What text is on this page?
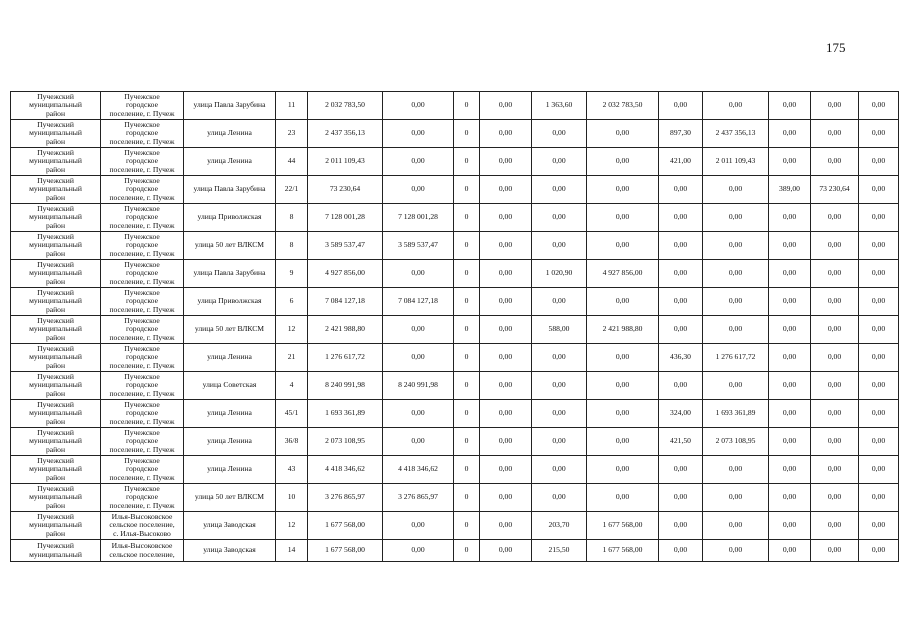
175
Пучежский
муниципальный
район	Пучежское
городское
поселение, г. Пучеж	улица Павла Зарубина	11	2 032 783,50	0,00	0	0,00	1 363,60	2 032 783,50	0,00	0,00	0,00	0,00	0,00

Пучежский
муниципальный
район	Пучежское
городское
поселение, г. Пучеж	улица Ленина	23	2 437 356,13	0,00	0	0,00	0,00	0,00	897,30	2 437 356,13	0,00	0,00	0,00

Пучежский
муниципальный
район	Пучежское
городское
поселение, г. Пучеж	улица Ленина	44	2 011 109,43	0,00	0	0,00	0,00	0,00	421,00	2 011 109,43	0,00	0,00	0,00

Пучежский
муниципальный
район	Пучежское
городское
поселение, г. Пучеж	улица Павла Зарубина	22/1	73 230,64	0,00	0	0,00	0,00	0,00	0,00	0,00	389,00	73 230,64	0,00

Пучежский
муниципальный
район	Пучежское
городское
поселение, г. Пучеж	улица Приволжская	8	7 128 001,28	7 128 001,28	0	0,00	0,00	0,00	0,00	0,00	0,00	0,00	0,00

Пучежский
муниципальный
район	Пучежское
городское
поселение, г. Пучеж	улица 50 лет ВЛКСМ	8	3 589 537,47	3 589 537,47	0	0,00	0,00	0,00	0,00	0,00	0,00	0,00	0,00

Пучежский
муниципальный
район	Пучежское
городское
поселение, г. Пучеж	улица Павла Зарубина	9	4 927 856,00	0,00	0	0,00	1 020,90	4 927 856,00	0,00	0,00	0,00	0,00	0,00

Пучежский
муниципальный
район	Пучежское
городское
поселение, г. Пучеж	улица Приволжская	6	7 084 127,18	7 084 127,18	0	0,00	0,00	0,00	0,00	0,00	0,00	0,00	0,00

Пучежский
муниципальный
район	Пучежское
городское
поселение, г. Пучеж	улица 50 лет ВЛКСМ	12	2 421 988,80	0,00	0	0,00	588,00	2 421 988,80	0,00	0,00	0,00	0,00	0,00

Пучежский
муниципальный
район	Пучежское
городское
поселение, г. Пучеж	улица Ленина	21	1 276 617,72	0,00	0	0,00	0,00	0,00	436,30	1 276 617,72	0,00	0,00	0,00

Пучежский
муниципальный
район	Пучежское
городское
поселение, г. Пучеж	улица Советская	4	8 240 991,98	8 240 991,98	0	0,00	0,00	0,00	0,00	0,00	0,00	0,00	0,00

Пучежский
муниципальный
район	Пучежское
городское
поселение, г. Пучеж	улица Ленина	45/1	1 693 361,89	0,00	0	0,00	0,00	0,00	324,00	1 693 361,89	0,00	0,00	0,00

Пучежский
муниципальный
район	Пучежское
городское
поселение, г. Пучеж	улица Ленина	36/8	2 073 108,95	0,00	0	0,00	0,00	0,00	421,50	2 073 108,95	0,00	0,00	0,00

Пучежский
муниципальный
район	Пучежское
городское
поселение, г. Пучеж	улица Ленина	43	4 418 346,62	4 418 346,62	0	0,00	0,00	0,00	0,00	0,00	0,00	0,00	0,00

Пучежский
муниципальный
район	Пучежское
городское
поселение, г. Пучеж	улица 50 лет ВЛКСМ	10	3 276 865,97	3 276 865,97	0	0,00	0,00	0,00	0,00	0,00	0,00	0,00	0,00

Пучежский
муниципальный
район	Илья-Высоковское
сельское поселение,
с. Илья-Высоково	улица Заводская	12	1 677 568,00	0,00	0	0,00	203,70	1 677 568,00	0,00	0,00	0,00	0,00	0,00

Пучежский
муниципальный	Илья-Высоковское
сельское поселение,	улица Заводская	14	1 677 568,00	0,00	0	0,00	215,50	1 677 568,00	0,00	0,00	0,00	0,00	0,00
